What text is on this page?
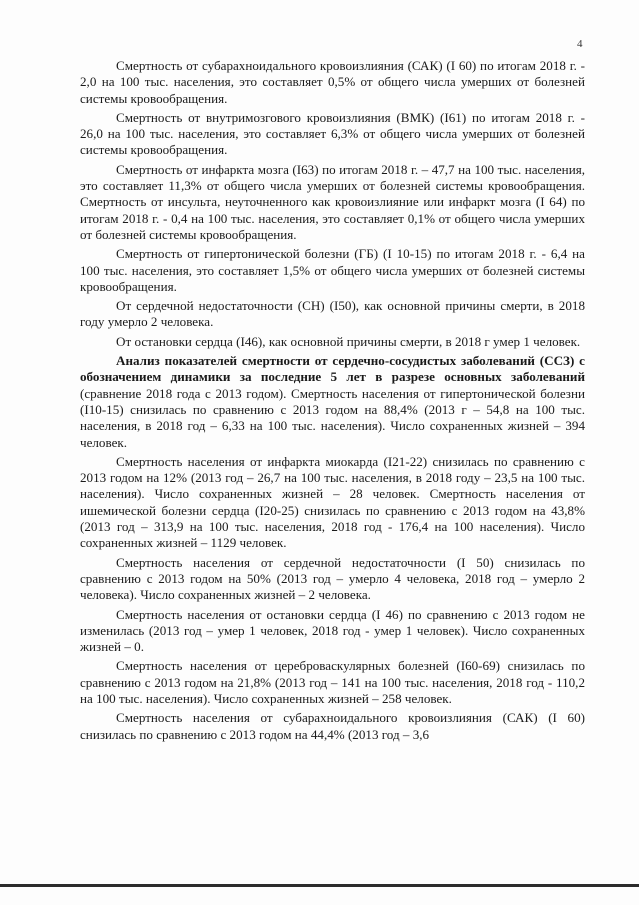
4

Смертность от субарахноидального кровоизлияния (САК) (I 60) по итогам 2018 г. - 2,0 на 100 тыс. населения, это составляет 0,5% от общего числа умерших от болезней системы кровообращения.

Смертность от внутримозгового кровоизлияния (ВМК) (I61) по итогам 2018 г. - 26,0 на 100 тыс. населения, это составляет 6,3% от общего числа умерших от болезней системы кровообращения.

Смертность от инфаркта мозга (I63) по итогам 2018 г. – 47,7 на 100 тыс. населения, это составляет 11,3% от общего числа умерших от болезней системы кровообращения. Смертность от инсульта, неуточненного как кровоизлияние или инфаркт мозга (I 64) по итогам 2018 г. - 0,4 на 100 тыс. населения, это составляет 0,1% от общего числа умерших от болезней системы кровообращения.

Смертность от гипертонической болезни (ГБ) (I 10-15) по итогам 2018 г. - 6,4 на 100 тыс. населения, это составляет 1,5% от общего числа умерших от болезней системы кровообращения.

От сердечной недостаточности (СН) (I50), как основной причины смерти, в 2018 году умерло 2 человека.

От остановки сердца (I46), как основной причины смерти, в 2018 г умер 1 человек.

Анализ показателей смертности от сердечно-сосудистых заболеваний (ССЗ) с обозначением динамики за последние 5 лет в разрезе основных заболеваний (сравнение 2018 года с 2013 годом). Смертность населения от гипертонической болезни (I10-15) снизилась по сравнению с 2013 годом на 88,4% (2013 г – 54,8 на 100 тыс. населения, в 2018 год – 6,33 на 100 тыс. населения). Число сохраненных жизней – 394 человек.

Смертность населения от инфаркта миокарда (I21-22) снизилась по сравнению с 2013 годом на 12% (2013 год – 26,7 на 100 тыс. населения, в 2018 году – 23,5 на 100 тыс. населения). Число сохраненных жизней – 28 человек. Смертность населения от ишемической болезни сердца (I20-25) снизилась по сравнению с 2013 годом на 43,8% (2013 год – 313,9 на 100 тыс. населения, 2018 год - 176,4 на 100 населения). Число сохраненных жизней – 1129 человек.

Смертность населения от сердечной недостаточности (I 50) снизилась по сравнению с 2013 годом на 50% (2013 год – умерло 4 человека, 2018 год – умерло 2 человека). Число сохраненных жизней – 2 человека.

Смертность населения от остановки сердца (I 46) по сравнению с 2013 годом не изменилась (2013 год – умер 1 человек, 2018 год - умер 1 человек). Число сохраненных жизней – 0.

Смертность населения от цереброваскулярных болезней (I60-69) снизилась по сравнению с 2013 годом на 21,8% (2013 год – 141 на 100 тыс. населения, 2018 год - 110,2 на 100 тыс. населения). Число сохраненных жизней – 258 человек.

Смертность населения от субарахноидального кровоизлияния (САК) (I 60) снизилась по сравнению с 2013 годом на 44,4% (2013 год – 3,6
